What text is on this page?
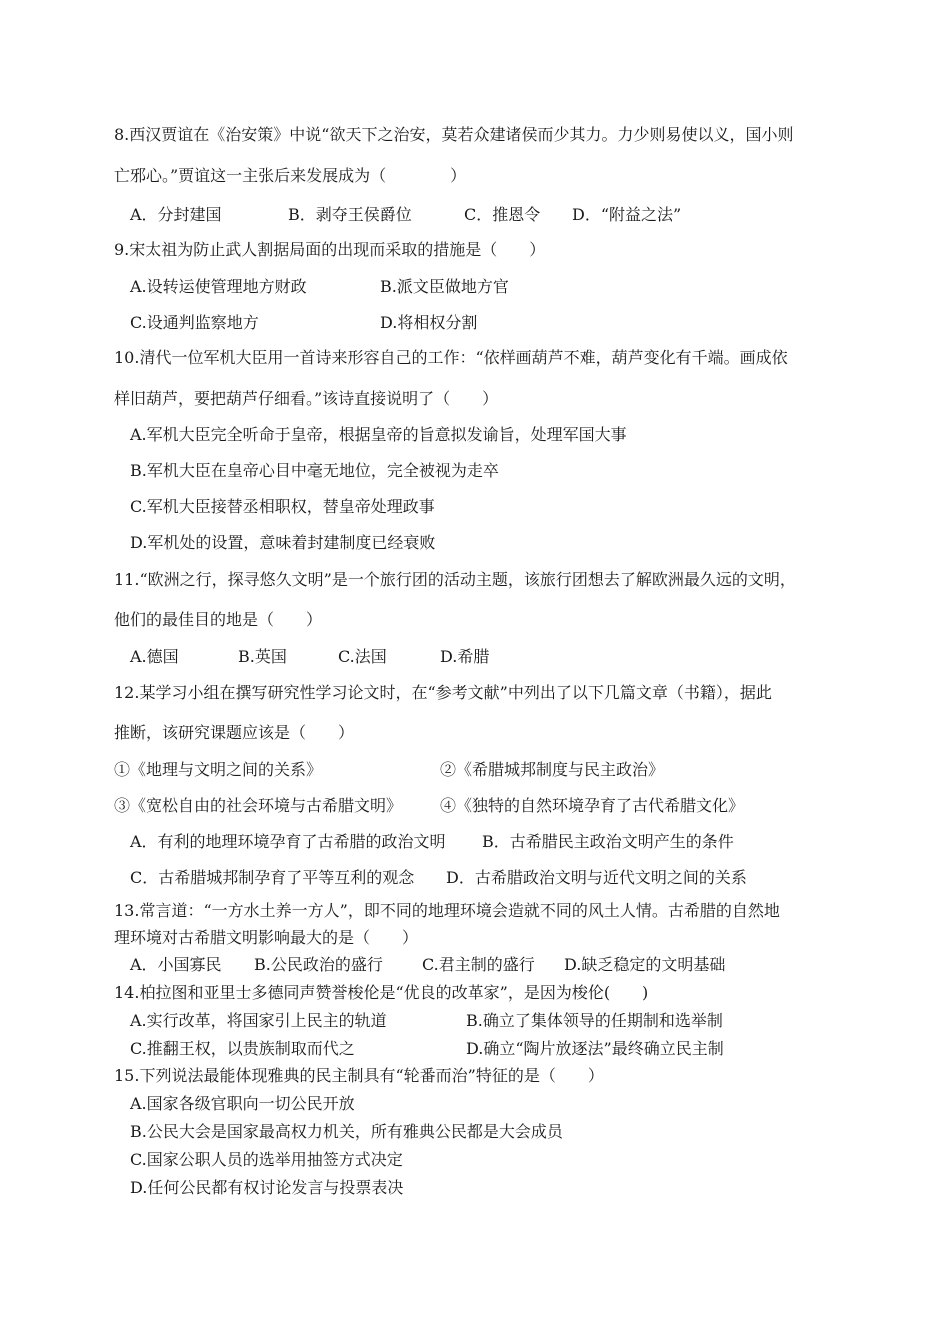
8.西汉贾谊在《治安策》中说“欲天下之治安，莫若众建诸侯而少其力。力少则易使以义，国小则
亡邪心。”贾谊这一主张后来发展成为（　　　　）
A．分封建国	B．剥夺王侯爵位	C．推恩令 D．“附益之法”
9.宋太祖为防止武人割据局面的出现而采取的措施是（　　）
A.设转运使管理地方财政	B.派文臣做地方官
C.设通判监察地方	D.将相权分割
10.清代一位军机大臣用一首诗来形容自己的工作：“依样画葫芦不难，葫芦变化有千端。画成依
样旧葫芦，要把葫芦仔细看。”该诗直接说明了（　　）
A.军机大臣完全听命于皇帝，根据皇帝的旨意拟发谕旨，处理军国大事
B.军机大臣在皇帝心目中毫无地位，完全被视为走卒
C.军机大臣接替丞相职权，替皇帝处理政事
D.军机处的设置，意味着封建制度已经衰败
11.“欧洲之行，探寻悠久文明”是一个旅行团的活动主题，该旅行团想去了解欧洲最久远的文明，
他们的最佳目的地是（　　）
A.德国	B.英国	C.法国	D.希腊
12.某学习小组在撰写研究性学习论文时，在“参考文献”中列出了以下几篇文章（书籍），据此
推断，该研究课题应该是（　　）
①《地理与文明之间的关系》	②《希腊城邦制度与民主政治》
③《宽松自由的社会环境与古希腊文明》 ④《独特的自然环境孕育了古代希腊文化》
A．有利的地理环境孕育了古希腊的政治文明 B．古希腊民主政治文明产生的条件
C．古希腊城邦制孕育了平等互利的观念 D．古希腊政治文明与近代文明之间的关系
13.常言道：“一方水土养一方人”，即不同的地理环境会造就不同的风土人情。古希腊的自然地
理环境对古希腊文明影响最大的是（　　）
A．小国寡民 B.公民政治的盛行 C.君主制的盛行 D.缺乏稳定的文明基础
14.柏拉图和亚里士多德同声赞誉梭伦是“优良的改革家”，是因为梭伦(　　)
A.实行改革，将国家引上民主的轨道	B.确立了集体领导的任期制和选举制
C.推翻王权，以贵族制取而代之	D.确立“陶片放逐法”最终确立民主制
15.下列说法最能体现雅典的民主制具有“轮番而治”特征的是（　　）
A.国家各级官职向一切公民开放
B.公民大会是国家最高权力机关，所有雅典公民都是大会成员
C.国家公职人员的选举用抽签方式决定
D.任何公民都有权讨论发言与投票表决
